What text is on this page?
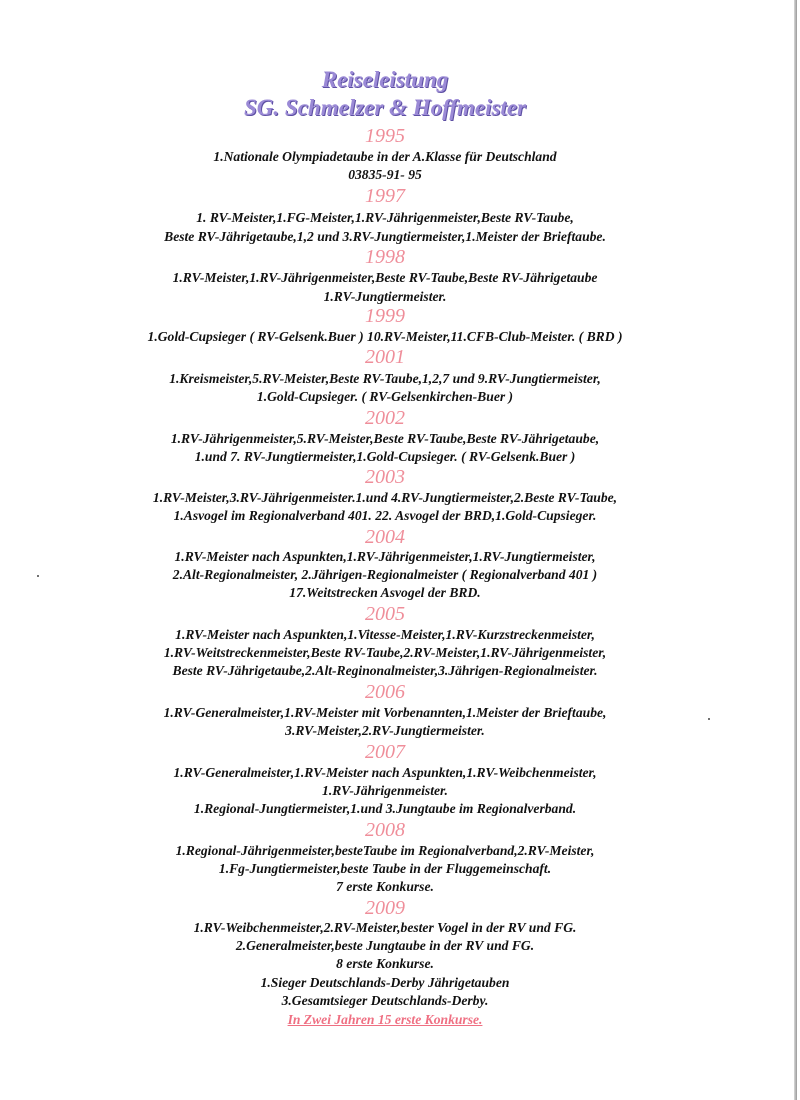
Reiseleistung
SG. Schmelzer & Hoffmeister
1995
1.Nationale Olympiadetaube in der A.Klasse für Deutschland
03835-91- 95
1997
1. RV-Meister,1.FG-Meister,1.RV-Jährigenmeister,Beste RV-Taube,
Beste RV-Jährigetaube,1,2 und 3.RV-Jungtiermeister,1.Meister der Brieftaube.
1998
1.RV-Meister,1.RV-Jährigenmeister,Beste RV-Taube,Beste RV-Jährigetaube
1.RV-Jungtiermeister.
1999
1.Gold-Cupsieger ( RV-Gelsenk.Buer ) 10.RV-Meister,11.CFB-Club-Meister. ( BRD )
2001
1.Kreismeister,5.RV-Meister,Beste RV-Taube,1,2,7 und 9.RV-Jungtiermeister,
1.Gold-Cupsieger. ( RV-Gelsenkirchen-Buer )
2002
1.RV-Jährigenmeister,5.RV-Meister,Beste RV-Taube,Beste RV-Jährigetaube,
1.und 7. RV-Jungtiermeister,1.Gold-Cupsieger. ( RV-Gelsenk.Buer )
2003
1.RV-Meister,3.RV-Jährigenmeister.1.und 4.RV-Jungtiermeister,2.Beste RV-Taube,
1.Asvogel im Regionalverband 401. 22. Asvogel der BRD,1.Gold-Cupsieger.
2004
1.RV-Meister nach Aspunkten,1.RV-Jährigenmeister,1.RV-Jungtiermeister,
2.Alt-Regionalmeister, 2.Jährigen-Regionalmeister ( Regionalverband 401 )
17.Weitstrecken Asvogel der BRD.
2005
1.RV-Meister nach Aspunkten,1.Vitesse-Meister,1.RV-Kurzstreckenmeister,
1.RV-Weitstreckenmeister,Beste RV-Taube,2.RV-Meister,1.RV-Jährigenmeister,
Beste RV-Jährigetaube,2.Alt-Reginonalmeister,3.Jährigen-Regionalmeister.
2006
1.RV-Generalmeister,1.RV-Meister mit Vorbenannten,1.Meister der Brieftaube,
3.RV-Meister,2.RV-Jungtiermeister.
2007
1.RV-Generalmeister,1.RV-Meister nach Aspunkten,1.RV-Weibchenmeister,
1.RV-Jährigenmeister.
1.Regional-Jungtiermeister,1.und 3.Jungtaube im Regionalverband.
2008
1.Regional-Jährigenmeister,besteTaube im Regionalverband,2.RV-Meister,
1.Fg-Jungtiermeister,beste Taube in der Fluggemeinschaft.
7 erste Konkurse.
2009
1.RV-Weibchenmeister,2.RV-Meister,bester Vogel in der RV und FG.
2.Generalmeister,beste Jungtaube in der RV und FG.
8 erste Konkurse.
1.Sieger Deutschlands-Derby Jährigetauben
3.Gesamtsieger Deutschlands-Derby.
In Zwei Jahren 15 erste Konkurse.
